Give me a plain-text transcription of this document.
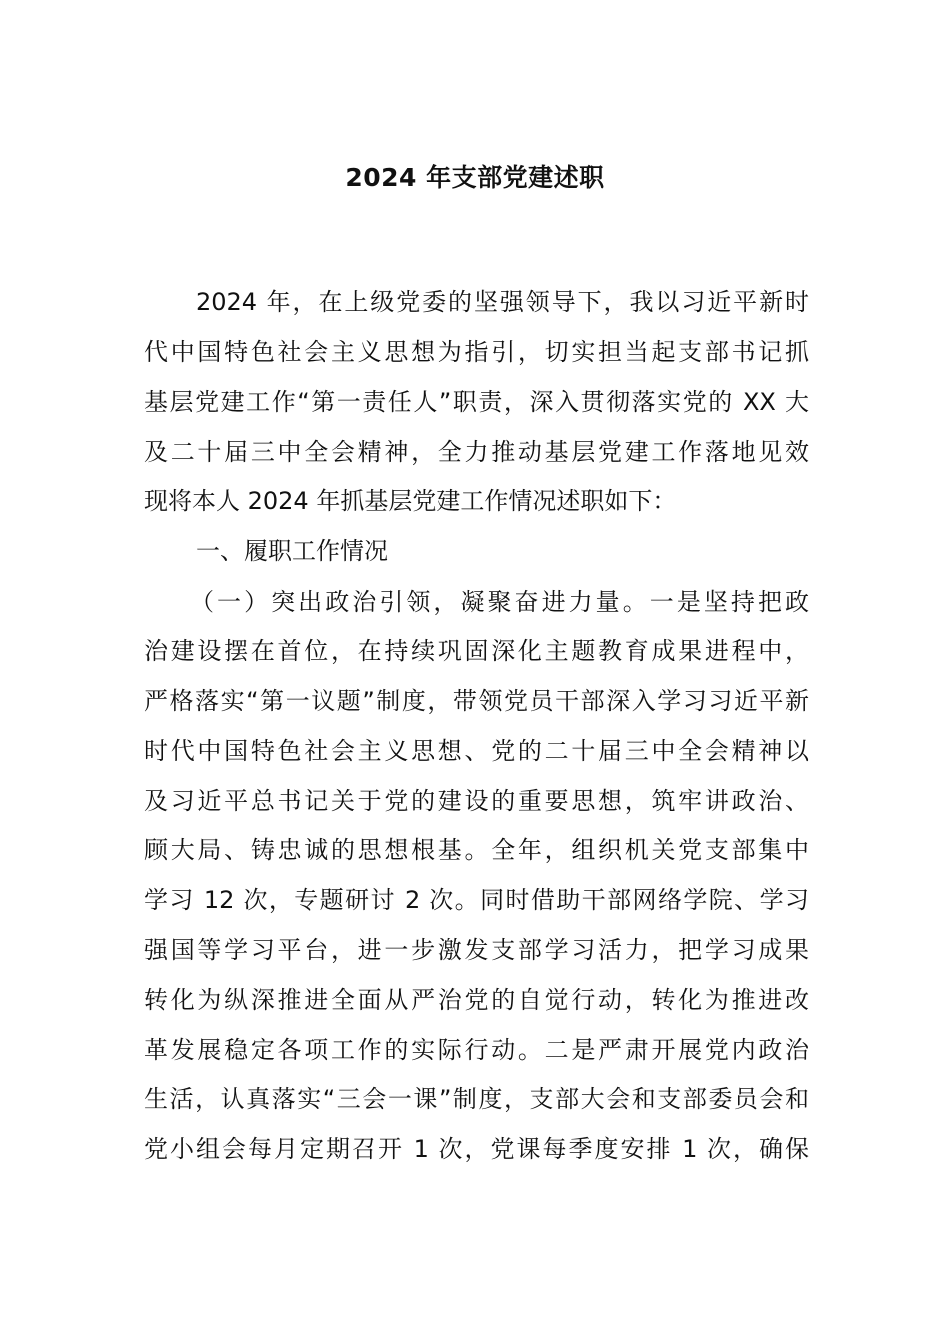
2024 年支部党建述职
2024 年，在上级党委的坚强领导下，我以习近平新时
代中国特色社会主义思想为指引，切实担当起支部书记抓
基层党建工作“第一责任人”职责，深入贯彻落实党的 XX 大
及二十届三中全会精神，全力推动基层党建工作落地见效
现将本人 2024 年抓基层党建工作情况述职如下：
一、履职工作情况
（一）突出政治引领，凝聚奋进力量。一是坚持把政
治建设摆在首位，在持续巩固深化主题教育成果进程中，
严格落实“第一议题”制度，带领党员干部深入学习习近平新
时代中国特色社会主义思想、党的二十届三中全会精神以
及习近平总书记关于党的建设的重要思想，筑牢讲政治、
顾大局、铸忠诚的思想根基。全年，组织机关党支部集中
学习 12 次，专题研讨 2 次。同时借助干部网络学院、学习
强国等学习平台，进一步激发支部学习活力，把学习成果
转化为纵深推进全面从严治党的自觉行动，转化为推进改
革发展稳定各项工作的实际行动。二是严肃开展党内政治
生活，认真落实“三会一课”制度，支部大会和支部委员会和
党小组会每月定期召开 1 次，党课每季度安排 1 次，确保
